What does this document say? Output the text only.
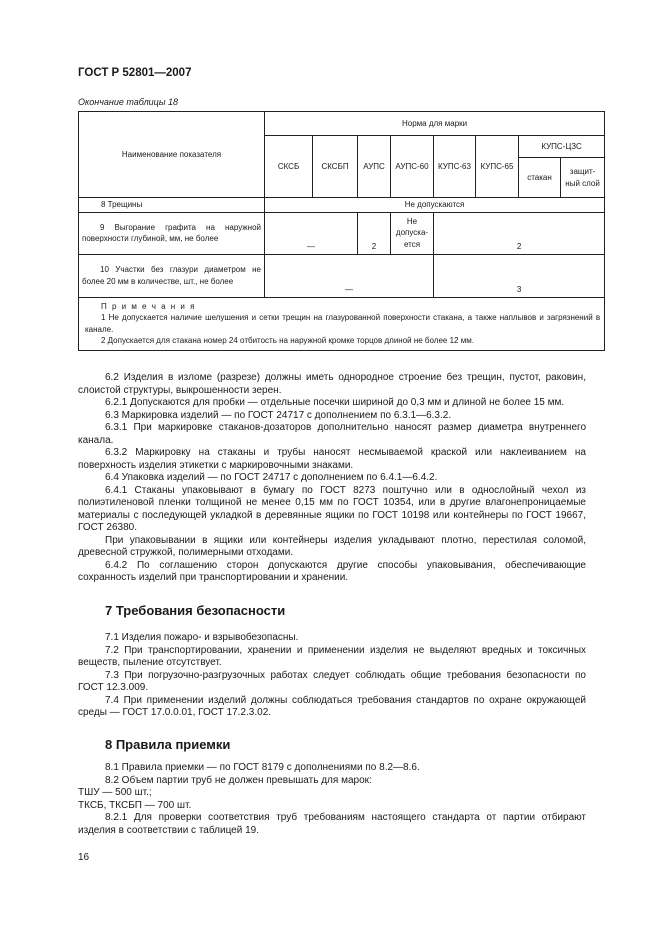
ГОСТ Р 52801—2007
Окончание таблицы 18
Наименование показателя	Норма для марки							
	СКСБ	СКСБП	АУПС	АУПС-60	КУПС-63	КУПС-65	КУПС-ЦЗС	
							стакан	защит-
ный слой
8 Трещины	Не допускаются							
9 Выгорание графита на наружной поверхности глубиной, мм, не более	—		2	Не допуска-ется	2			
10 Участки без глазури диаметром не более 20 мм в количестве, шт., не более	—				3			

П р и м е ч а н и я
1 Не допускается наличие шелушения и сетки трещин на глазурованной поверхности стакана, а также наплывов и загрязнений в канале.
2 Допускается для стакана номер 24 отбитость на наружной кромке торцов длиной не более 12 мм.								

6.2 Изделия в изломе (разрезе) должны иметь однородное строение без трещин, пустот, раковин, слоистой структуры, выкрошенности зерен.

6.2.1 Допускаются для пробки — отдельные посечки шириной до 0,3 мм и длиной не более 15 мм.

6.3 Маркировка изделий — по ГОСТ 24717 с дополнением по 6.3.1—6.3.2.

6.3.1 При маркировке стаканов-дозаторов дополнительно наносят размер диаметра внутреннего канала.

6.3.2 Маркировку на стаканы и трубы наносят несмываемой краской или наклеиванием на поверхность изделия этикетки с маркировочными знаками.

6.4 Упаковка изделий — по ГОСТ 24717 с дополнением по 6.4.1—6.4.2.

6.4.1 Стаканы упаковывают в бумагу по ГОСТ 8273 поштучно или в однослойный чехол из полиэтиленовой пленки толщиной не менее 0,15 мм по ГОСТ 10354, или в другие влагонепроницаемые материалы с последующей укладкой в деревянные ящики по ГОСТ 10198 или контейнеры по ГОСТ 19667, ГОСТ 26380.

При упаковывании в ящики или контейнеры изделия укладывают плотно, перестилая соломой, древесной стружкой, полимерными отходами.

6.4.2 По соглашению сторон допускаются другие способы упаковывания, обеспечивающие сохранность изделий при транспортировании и хранении.

7 Требования безопасности

7.1 Изделия пожаро- и взрывобезопасны.

7.2 При транспортировании, хранении и применении изделия не выделяют вредных и токсичных веществ, пыление отсутствует.

7.3 При погрузочно-разгрузочных работах следует соблюдать общие требования безопасности по ГОСТ 12.3.009.

7.4 При применении изделий должны соблюдаться требования стандартов по охране окружающей среды — ГОСТ 17.0.0.01, ГОСТ 17.2.3.02.

8 Правила приемки

8.1 Правила приемки — по ГОСТ 8179 с дополнениями по 8.2—8.6.

8.2 Объем партии труб не должен превышать для марок:

ТШУ — 500 шт.;

ТКСБ, ТКСБП — 700 шт.

8.2.1 Для проверки соответствия труб требованиям настоящего стандарта от партии отбирают изделия в соответствии с таблицей 19.

16
